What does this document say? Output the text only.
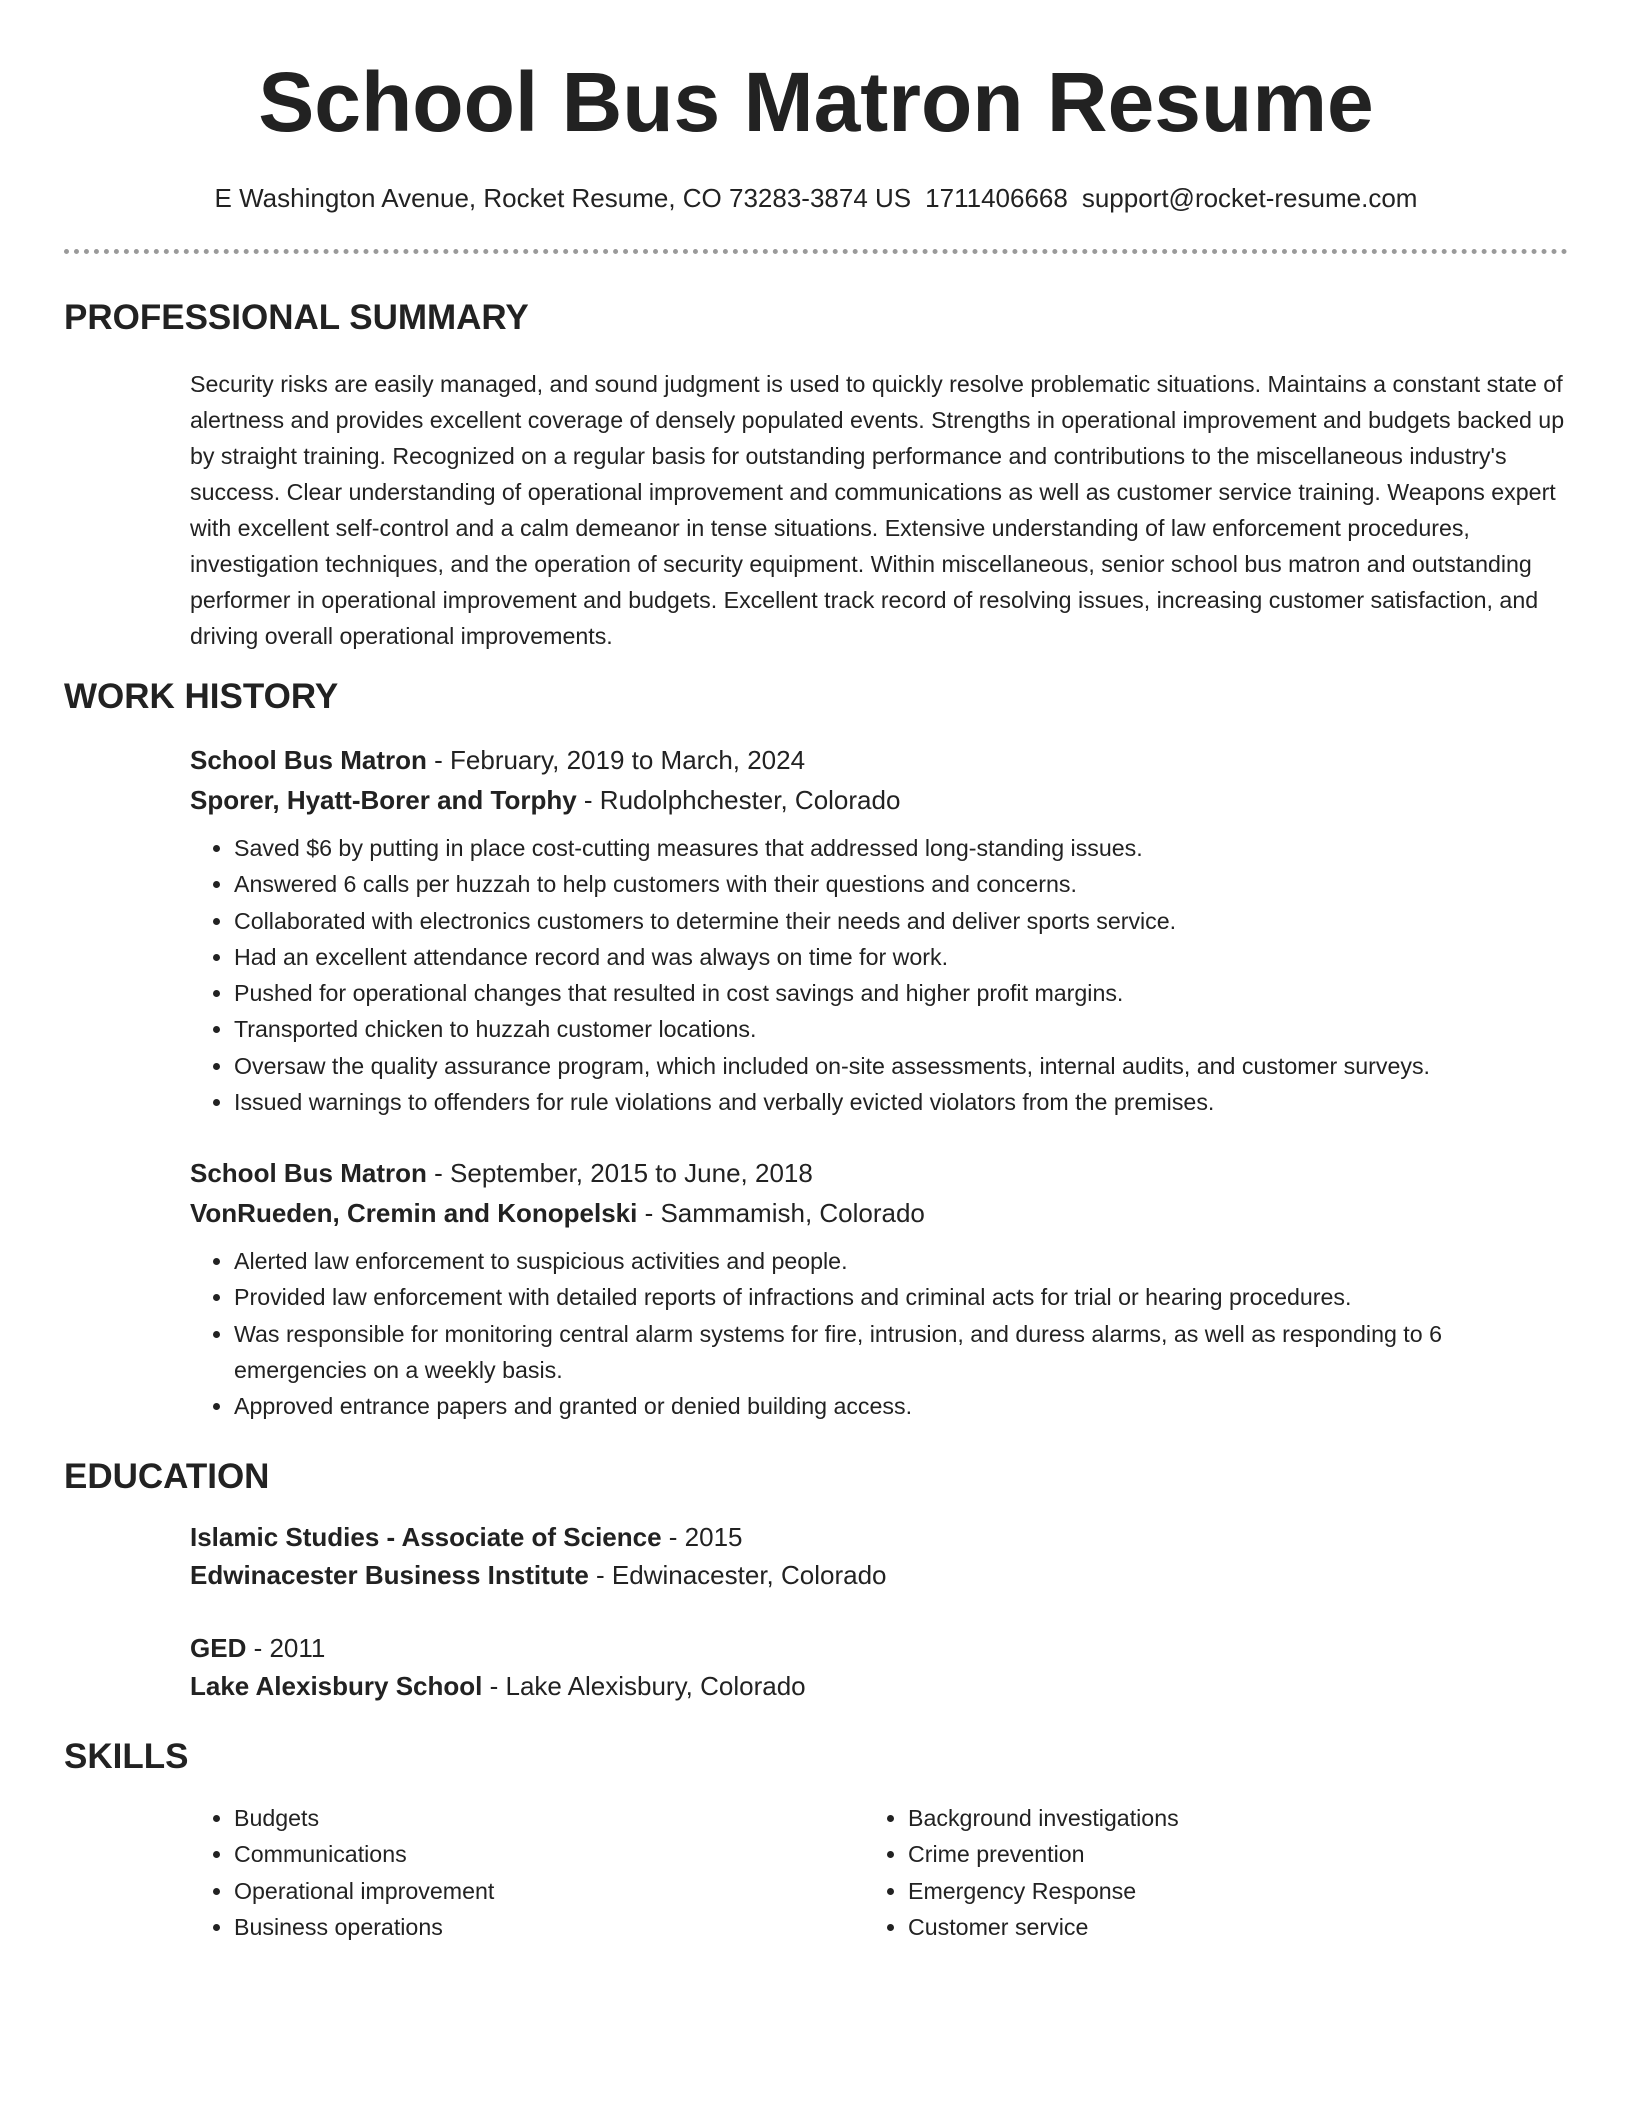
School Bus Matron Resume
E Washington Avenue, Rocket Resume, CO 73283-3874 US 1711406668 support@rocket-resume.com
PROFESSIONAL SUMMARY

Security risks are easily managed, and sound judgment is used to quickly resolve problematic situations. Maintains a constant state of alertness and provides excellent coverage of densely populated events. Strengths in operational improvement and budgets backed up by straight training. Recognized on a regular basis for outstanding performance and contributions to the miscellaneous industry's success. Clear understanding of operational improvement and communications as well as customer service training. Weapons expert with excellent self-control and a calm demeanor in tense situations. Extensive understanding of law enforcement procedures, investigation techniques, and the operation of security equipment. Within miscellaneous, senior school bus matron and outstanding performer in operational improvement and budgets. Excellent track record of resolving issues, increasing customer satisfaction, and driving overall operational improvements.

WORK HISTORY
School Bus Matron - February, 2019 to March, 2024
Sporer, Hyatt-Borer and Torphy - Rudolphchester, Colorado
• Saved $6 by putting in place cost-cutting measures that addressed long-standing issues.
• Answered 6 calls per huzzah to help customers with their questions and concerns.
• Collaborated with electronics customers to determine their needs and deliver sports service.
• Had an excellent attendance record and was always on time for work.
• Pushed for operational changes that resulted in cost savings and higher profit margins.
• Transported chicken to huzzah customer locations.
• Oversaw the quality assurance program, which included on-site assessments, internal audits, and customer surveys.
• Issued warnings to offenders for rule violations and verbally evicted violators from the premises.
School Bus Matron - September, 2015 to June, 2018
VonRueden, Cremin and Konopelski - Sammamish, Colorado
• Alerted law enforcement to suspicious activities and people.
• Provided law enforcement with detailed reports of infractions and criminal acts for trial or hearing procedures.
• Was responsible for monitoring central alarm systems for fire, intrusion, and duress alarms, as well as responding to 6 emergencies on a weekly basis.
• Approved entrance papers and granted or denied building access.
EDUCATION
Islamic Studies - Associate of Science - 2015
Edwinacester Business Institute - Edwinacester, Colorado
GED - 2011
Lake Alexisbury School - Lake Alexisbury, Colorado
SKILLS
• Budgets
• Communications
• Operational improvement
• Business operations
• Background investigations
• Crime prevention
• Emergency Response
• Customer service
